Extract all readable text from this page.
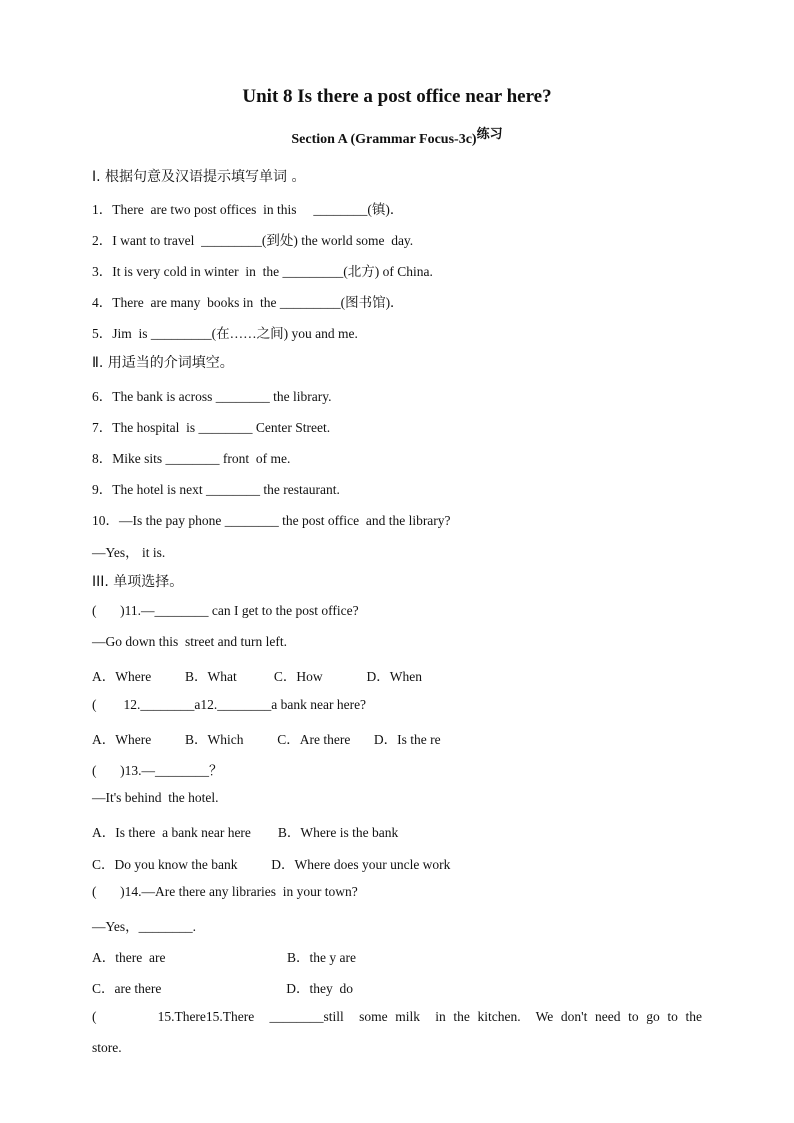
Unit 8 Is there a post office near here?
Section A (Grammar Focus-3c)练习
Ⅰ. 根据句意及汉语提示填写单词 。
1．There  are two post offices  in this     ________(镇)．
2．I want to travel  _________(到处) the world some  day.
3．It is very cold in winter  in  the _________(北方) of China.
4．There  are many  books in  the _________(图书馆)．
5．Jim  is _________(在……之间) you and me.
Ⅱ. 用适当的介词填空。
6．The bank is across ________ the library.
7．The hospital  is ________ Center Street.
8．Mike sits ________ front  of me.
9．The hotel is next ________ the restaurant.
10．—Is the pay phone ________ the post office  and the library?
—Yes， it is.
III. 单项选择。
(       )11.—________ can I get to the post office?
—Go down this  street and turn left.
A．Where          B．What           C．How             D．When
(        12.________a12.________a bank near here?
A．Where          B．Which          C．Are there       D．Is the re
(       )13.—________？
—It's behind  the hotel.
A．Is there  a bank near here        B．Where is the bank
C．Do you know the bank          D．Where does your uncle work
(       )14.—Are there any libraries  in your town?
—Yes，________.
A．there  are                                    B．the y are
C．are there                                     D．they  do
(        15.There15.There  ________still  some milk  in the kitchen.  We don't need to go to the
store.
